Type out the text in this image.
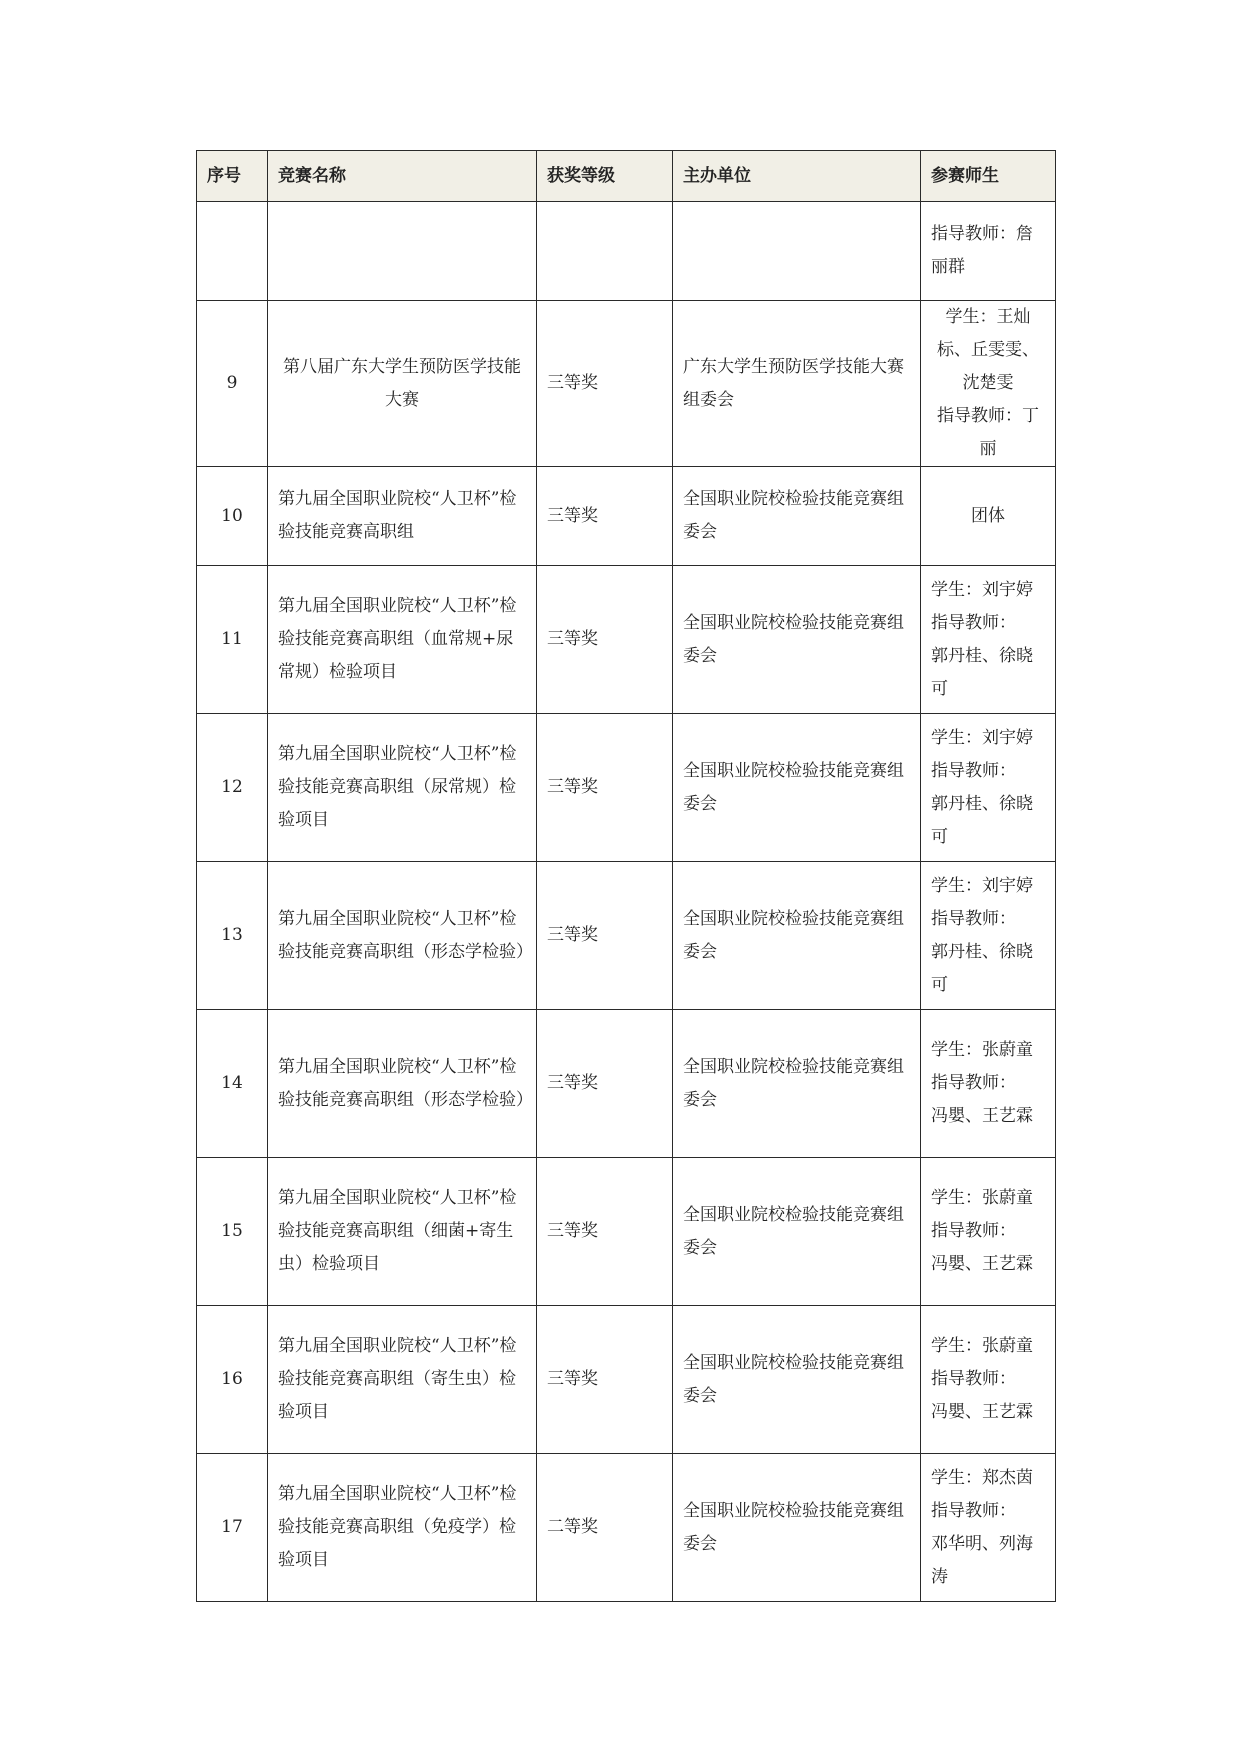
序号	竞赛名称	获奖等级	主办单位	参赛师生

				指导教师：詹
丽群

9	第八届广东大学生预防医学技能大赛	三等奖	广东大学生预防医学技能大赛组委会	学生：王灿
标、丘雯雯、
沈楚雯
指导教师：丁
丽

10	第九届全国职业院校“人卫杯”检验技能竞赛高职组	三等奖	全国职业院校检验技能竞赛组委会	团体

11	第九届全国职业院校“人卫杯”检验技能竞赛高职组（血常规+尿常规）检验项目	三等奖	全国职业院校检验技能竞赛组委会	学生：刘宇婷
指导教师：
郭丹桂、徐晓
可

12	第九届全国职业院校“人卫杯”检验技能竞赛高职组（尿常规）检验项目	三等奖	全国职业院校检验技能竞赛组委会	学生：刘宇婷
指导教师：
郭丹桂、徐晓
可

13	第九届全国职业院校“人卫杯”检验技能竞赛高职组（形态学检验）	三等奖	全国职业院校检验技能竞赛组委会	学生：刘宇婷
指导教师：
郭丹桂、徐晓
可

14	第九届全国职业院校“人卫杯”检验技能竞赛高职组（形态学检验）	三等奖	全国职业院校检验技能竞赛组委会	学生：张蔚童
指导教师：
冯嬰、王艺霖

15	第九届全国职业院校“人卫杯”检验技能竞赛高职组（细菌+寄生虫）检验项目	三等奖	全国职业院校检验技能竞赛组委会	学生：张蔚童
指导教师：
冯嬰、王艺霖

16	第九届全国职业院校“人卫杯”检验技能竞赛高职组（寄生虫）检验项目	三等奖	全国职业院校检验技能竞赛组委会	学生：张蔚童
指导教师：
冯嬰、王艺霖

17	第九届全国职业院校“人卫杯”检验技能竞赛高职组（免疫学）检验项目	二等奖	全国职业院校检验技能竞赛组委会	学生：郑杰茵
指导教师：
邓华明、列海
涛
